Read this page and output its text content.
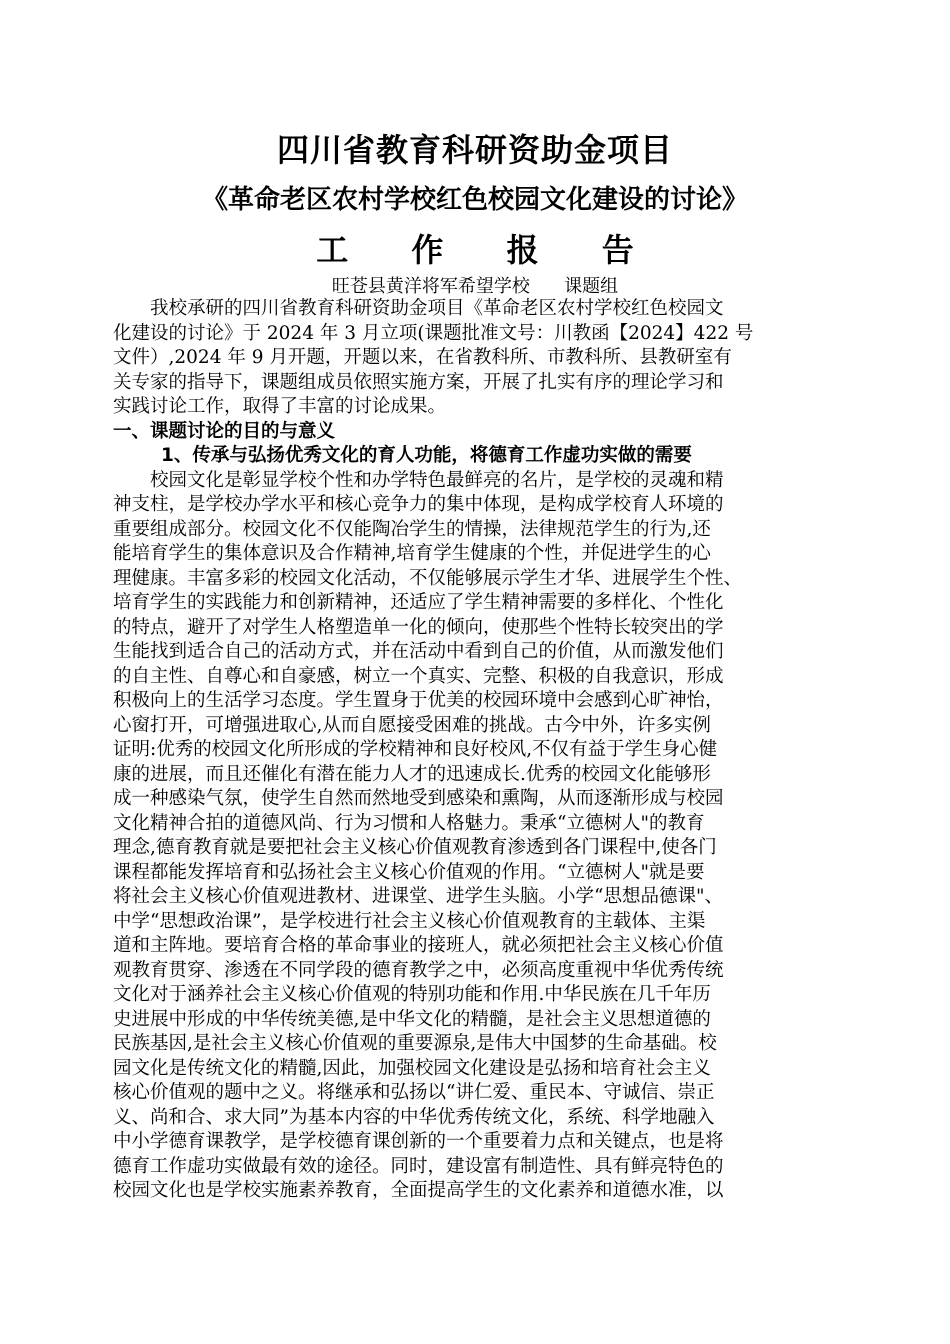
四川省教育科研资助金项目
《革命老区农村学校红色校园文化建设的讨论》
工 作 报 告
旺苍县黄洋将军希望学校      课题组
我校承研的四川省教育科研资助金项目《革命老区农村学校红色校园文
化建设的讨论》于 2024 年 3 月立项(课题批准文号：川教函【2024】422 号
文件）,2024 年 9 月开题，开题以来，在省教科所、市教科所、县教研室有
关专家的指导下，课题组成员依照实施方案，开展了扎实有序的理论学习和
实践讨论工作，取得了丰富的讨论成果。
一、课题讨论的目的与意义
1、传承与弘扬优秀文化的育人功能，将德育工作虚功实做的需要
校园文化是彰显学校个性和办学特色最鲜亮的名片，是学校的灵魂和精
神支柱，是学校办学水平和核心竞争力的集中体现，是构成学校育人环境的
重要组成部分。校园文化不仅能陶冶学生的情操，法律规范学生的行为,还
能培育学生的集体意识及合作精神,培育学生健康的个性，并促进学生的心
理健康。丰富多彩的校园文化活动，不仅能够展示学生才华、进展学生个性、
培育学生的实践能力和创新精神，还适应了学生精神需要的多样化、个性化
的特点，避开了对学生人格塑造单一化的倾向，使那些个性特长较突出的学
生能找到适合自己的活动方式，并在活动中看到自己的价值，从而激发他们
的自主性、自尊心和自豪感，树立一个真实、完整、积极的自我意识，形成
积极向上的生活学习态度。学生置身于优美的校园环境中会感到心旷神怡，
心窗打开，可增强进取心,从而自愿接受困难的挑战。古今中外，许多实例
证明:优秀的校园文化所形成的学校精神和良好校风,不仅有益于学生身心健
康的进展，而且还催化有潜在能力人才的迅速成长.优秀的校园文化能够形
成一种感染气氛，使学生自然而然地受到感染和熏陶，从而逐渐形成与校园
文化精神合拍的道德风尚、行为习惯和人格魅力。秉承“立德树人"的教育
理念,德育教育就是要把社会主义核心价值观教育渗透到各门课程中,使各门
课程都能发挥培育和弘扬社会主义核心价值观的作用。“立德树人"就是要
将社会主义核心价值观进教材、进课堂、进学生头脑。小学“思想品德课"、
中学“思想政治课”，是学校进行社会主义核心价值观教育的主载体、主渠
道和主阵地。要培育合格的革命事业的接班人，就必须把社会主义核心价值
观教育贯穿、渗透在不同学段的德育教学之中，必须高度重视中华优秀传统
文化对于涵养社会主义核心价值观的特别功能和作用.中华民族在几千年历
史进展中形成的中华传统美德,是中华文化的精髓，是社会主义思想道德的
民族基因,是社会主义核心价值观的重要源泉,是伟大中国梦的生命基础。校
园文化是传统文化的精髓,因此，加强校园文化建设是弘扬和培育社会主义
核心价值观的题中之义。将继承和弘扬以“讲仁爱、重民本、守诚信、崇正
义、尚和合、求大同”为基本内容的中华优秀传统文化，系统、科学地融入
中小学德育课教学，是学校德育课创新的一个重要着力点和关键点，也是将
德育工作虚功实做最有效的途径。同时，建设富有制造性、具有鲜亮特色的
校园文化也是学校实施素养教育，全面提高学生的文化素养和道德水准，以
